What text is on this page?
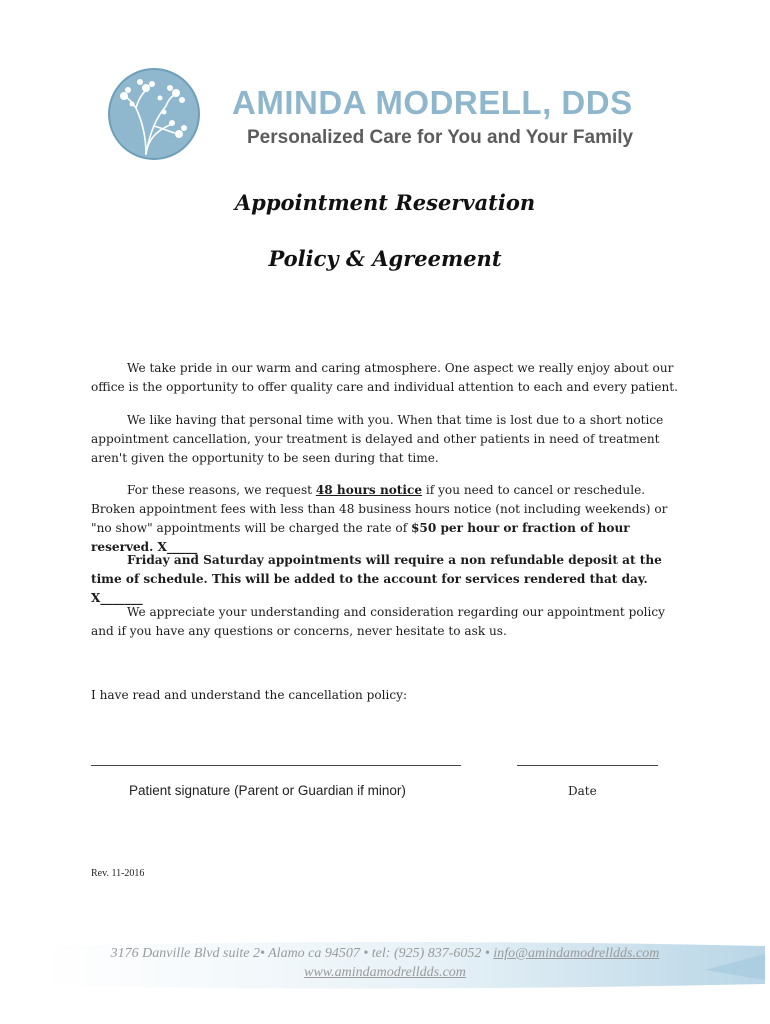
AMINDA MODRELL, DDS
Personalized Care for You and Your Family
Appointment Reservation
Policy & Agreement
We take pride in our warm and caring atmosphere. One aspect we really enjoy about our office is the opportunity to offer quality care and individual attention to each and every patient.
We like having that personal time with you. When that time is lost due to a short notice appointment cancellation, your treatment is delayed and other patients in need of treatment aren't given the opportunity to be seen during that time.
For these reasons, we request 48 hours notice if you need to cancel or reschedule. Broken appointment fees with less than 48 business hours notice (not including weekends) or "no show" appointments will be charged the rate of $50 per hour or fraction of hour reserved. X_____
Friday and Saturday appointments will require a non refundable deposit at the time of schedule. This will be added to the account for services rendered that day. X_______
We appreciate your understanding and consideration regarding our appointment policy and if you have any questions or concerns, never hesitate to ask us.
I have read and understand the cancellation policy:
Patient signature (Parent or Guardian if minor)	Date
Rev. 11-2016
3176 Danville Blvd suite 2• Alamo ca 94507 • tel: (925) 837-6052 • info@amindamodrelldds.com
www.amindamodrelldds.com
